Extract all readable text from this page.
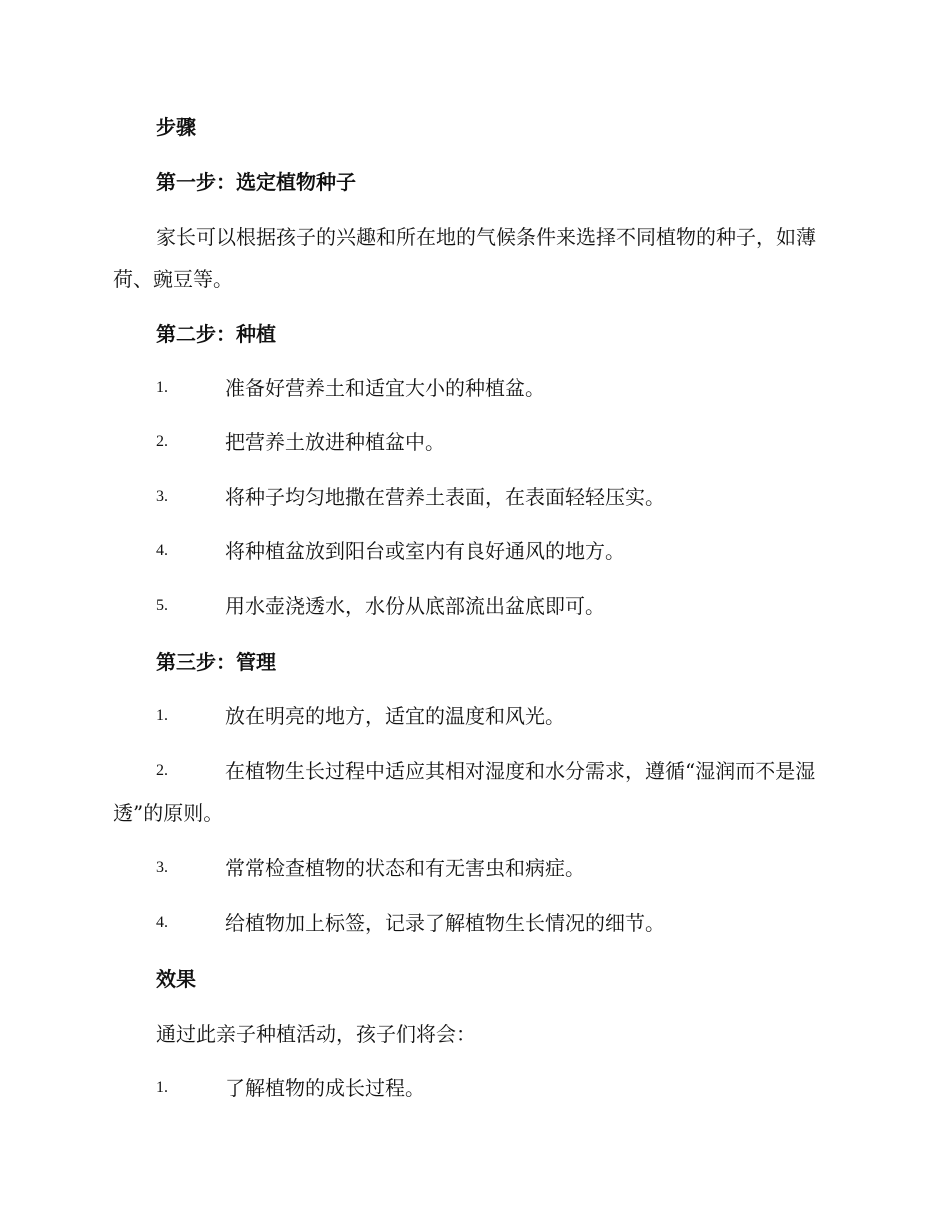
步骤
第一步：选定植物种子

家长可以根据孩子的兴趣和所在地的气候条件来选择不同植物的种子，如薄荷、豌豆等。

第二步：种植
1.	准备好营养土和适宜大小的种植盆。
2.	把营养土放进种植盆中。
3.	将种子均匀地撒在营养土表面，在表面轻轻压实。
4.	将种植盆放到阳台或室内有良好通风的地方。
5.	用水壶浇透水，水份从底部流出盆底即可。
第三步：管理
1.	放在明亮的地方，适宜的温度和风光。
2.	在植物生长过程中适应其相对湿度和水分需求，遵循“湿润而不是湿透”的原则。
3.	常常检查植物的状态和有无害虫和病症。
4.	给植物加上标签，记录了解植物生长情况的细节。
效果

通过此亲子种植活动，孩子们将会：

1.	了解植物的成长过程。
